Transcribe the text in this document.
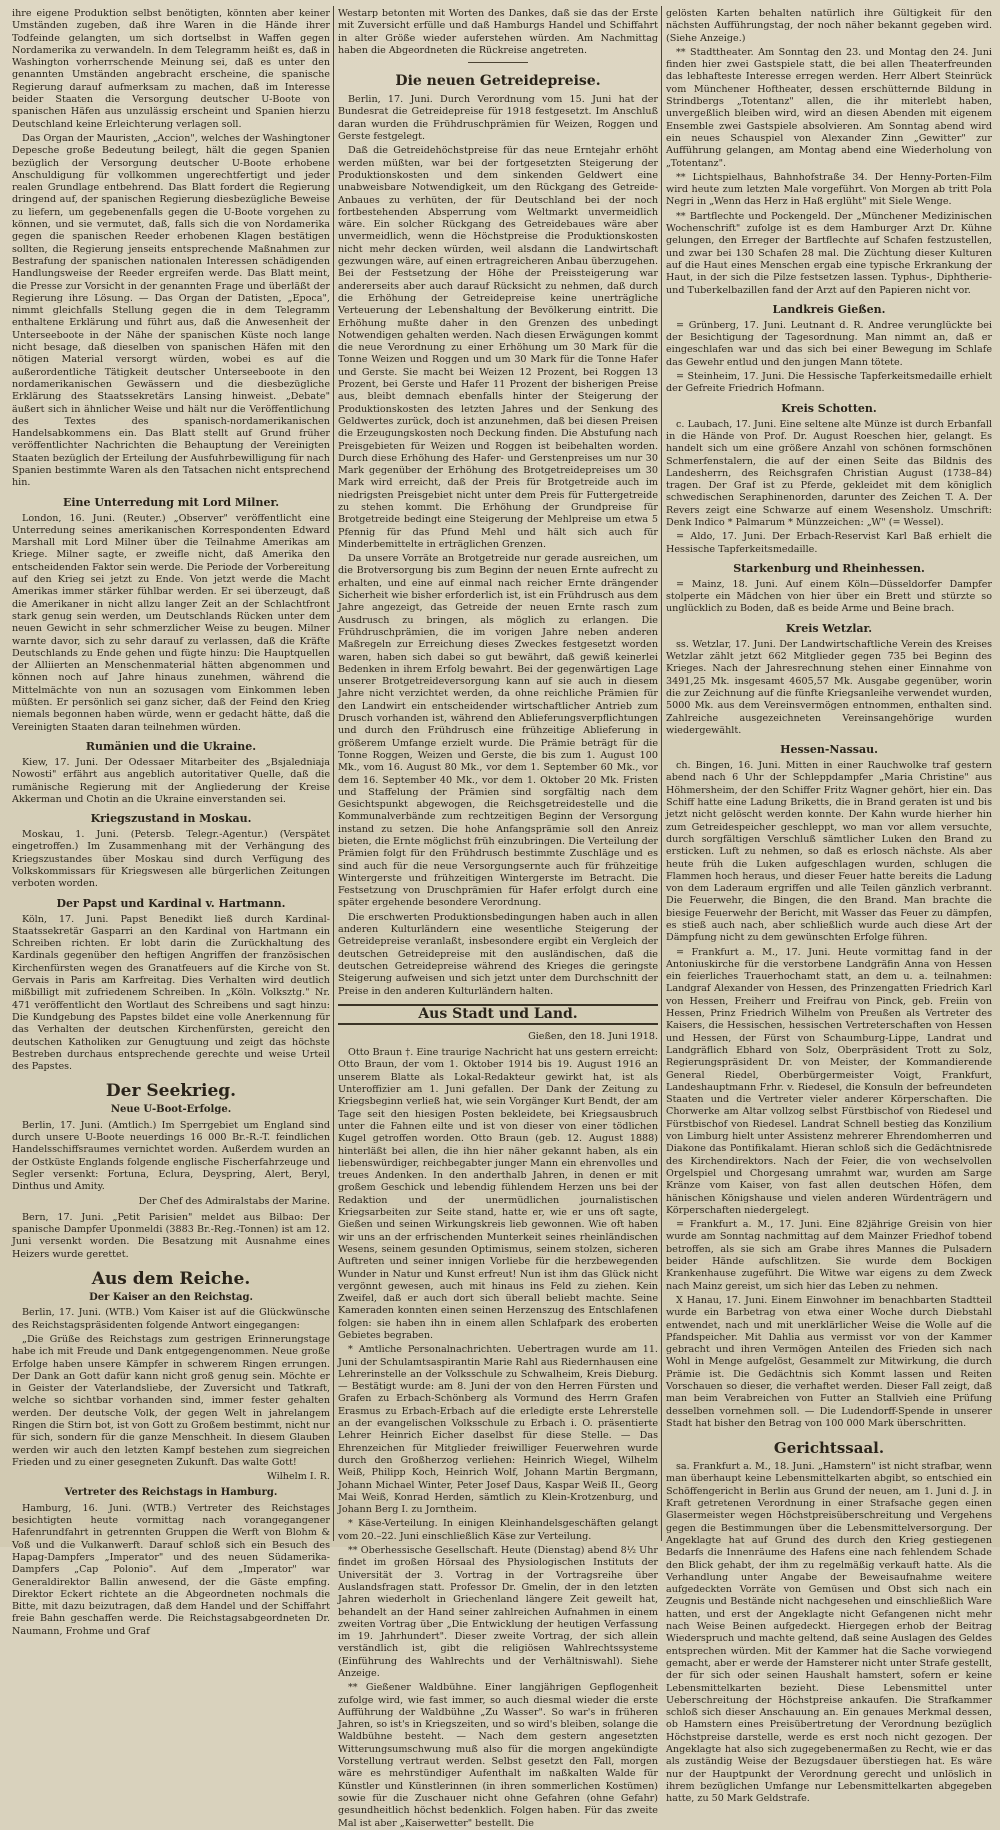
ihre eigene Produktion selbst benötigten, könnten aber keiner Umständen zugeben, daß ihre Waren in die Hände ihrer Todfeinde gelangten, um sich dortselbst in Waffen gegen Nordamerika zu verwandeln. In dem Telegramm heißt es, daß in Washington vorherrschende Meinung sei, daß es unter den genannten Umständen angebracht erscheine, die spanische Regierung darauf aufmerksam zu machen, daß im Interesse beider Staaten die Versorgung deutscher U-Boote von spanischen Häfen aus unzulässig erscheint und Spanien hierzu Deutschland keine Erleichterung verlagen soll.

Das Organ der Mauristen, „Accion", welches der Washingtoner Depesche große Bedeutung beilegt, hält die gegen Spanien bezüglich der Versorgung deutscher U-Boote erhobene Anschuldigung für vollkommen ungerechtfertigt und jeder realen Grundlage entbehrend. Das Blatt fordert die Regierung dringend auf, der spanischen Regierung diesbezügliche Beweise zu liefern, um gegebenenfalls gegen die U-Boote vorgehen zu können, und sie vermutet, daß, falls sich die von Nordamerika gegen die spanischen Reeder erhobenen Klagen bestätigen sollten, die Regierung jenseits entsprechende Maßnahmen zur Bestrafung der spanischen nationalen Interessen schädigenden Handlungsweise der Reeder ergreifen werde. Das Blatt meint, die Presse zur Vorsicht in der genannten Frage und überläßt der Regierung ihre Lösung. — Das Organ der Datisten, „Epoca", nimmt gleichfalls Stellung gegen die in dem Telegramm enthaltene Erklärung und führt aus, daß die Anwesenheit der Unterseeboote in der Nähe der spanischen Küste noch lange nicht besage, daß dieselben von spanischen Häfen mit den nötigen Material versorgt würden, wobei es auf die außerordentliche Tätigkeit deutscher Unterseeboote in den nordamerikanischen Gewässern und die diesbezügliche Erklärung des Staatssekretärs Lansing hinweist. „Debate" äußert sich in ähnlicher Weise und hält nur die Veröffentlichung des Textes des spanisch-nordamerikanischen Handelsabkommens ein. Das Blatt stellt auf Grund früher veröffentlichter Nachrichten die Behauptung der Vereinigten Staaten bezüglich der Erteilung der Ausfuhrbewilligung für nach Spanien bestimmte Waren als den Tatsachen nicht entsprechend hin.

Eine Unterredung mit Lord Milner.

London, 16. Juni. (Reuter.) „Observer" veröffentlicht eine Unterredung seines amerikanischen Korrespondenten Edward Marshall mit Lord Milner über die Teilnahme Amerikas am Kriege. Milner sagte, er zweifle nicht, daß Amerika den entscheidenden Faktor sein werde. Die Periode der Vorbereitung auf den Krieg sei jetzt zu Ende. Von jetzt werde die Macht Amerikas immer stärker fühlbar werden. Er sei überzeugt, daß die Amerikaner in nicht allzu langer Zeit an der Schlachtfront stark genug sein werden, um Deutschlands Rücken unter dem neuen Gewicht in sehr schmerzlicher Weise zu beugen. Milner warnte davor, sich zu sehr darauf zu verlassen, daß die Kräfte Deutschlands zu Ende gehen und fügte hinzu: Die Hauptquellen der Alliierten an Menschenmaterial hätten abgenommen und können noch auf Jahre hinaus zunehmen, während die Mittelmächte von nun an sozusagen vom Einkommen leben müßten. Er persönlich sei ganz sicher, daß der Feind den Krieg niemals begonnen haben würde, wenn er gedacht hätte, daß die Vereinigten Staaten daran teilnehmen würden.

Rumänien und die Ukraine.

Kiew, 17. Juni. Der Odessaer Mitarbeiter des „Bsjaledniaja Nowosti" erfährt aus angeblich autoritativer Quelle, daß die rumänische Regierung mit der Angliederung der Kreise Akkerman und Chotin an die Ukraine einverstanden sei.

Kriegszustand in Moskau.

Moskau, 1. Juni. (Petersb. Telegr.-Agentur.) (Verspätet eingetroffen.) Im Zusammenhang mit der Verhängung des Kriegszustandes über Moskau sind durch Verfügung des Volkskommissars für Kriegswesen alle bürgerlichen Zeitungen verboten worden.

Der Papst und Kardinal v. Hartmann.

Köln, 17. Juni. Papst Benedikt ließ durch Kardinal-Staatssekretär Gasparri an den Kardinal von Hartmann ein Schreiben richten. Er lobt darin die Zurückhaltung des Kardinals gegenüber den heftigen Angriffen der französischen Kirchenfürsten wegen des Granatfeuers auf die Kirche von St. Gervais in Paris am Karfreitag. Dies Verhalten wird deutlich mißbilligt mit zufriedenem Schreiben. In „Köln. Volksztg." Nr. 471 veröffentlicht den Wortlaut des Schreibens und sagt hinzu: Die Kundgebung des Papstes bildet eine volle Anerkennung für das Verhalten der deutschen Kirchenfürsten, gereicht den deutschen Katholiken zur Genugtuung und zeigt das höchste Bestreben durchaus entsprechende gerechte und weise Urteil des Papstes.

Der Seekrieg.
Neue U-Boot-Erfolge.

Berlin, 17. Juni. (Amtlich.) Im Sperrgebiet um England sind durch unsere U-Boote neuerdings 16 000 Br.-R.-T. feindlichen Handelsschiffsraumes vernichtet worden. Außerdem wurden an der Ostküste Englands folgende englische Fischerfahrzeuge und Segler versenkt: Fortuna, Eclura, Deyspring, Alert, Beryl, Dinthus und Amity.

Der Chef des Admiralstabs der Marine.

Bern, 17. Juni. „Petit Parisien" meldet aus Bilbao: Der spanische Dampfer Uponmeldi (3883 Br.-Reg.-Tonnen) ist am 12. Juni versenkt worden. Die Besatzung mit Ausnahme eines Heizers wurde gerettet.

Aus dem Reiche.
Der Kaiser an den Reichstag.

Berlin, 17. Juni. (WTB.) Vom Kaiser ist auf die Glückwünsche des Reichstagspräsidenten folgende Antwort eingegangen:

„Die Grüße des Reichstags zum gestrigen Erinnerungstage habe ich mit Freude und Dank entgegengenommen. Neue große Erfolge haben unsere Kämpfer in schwerem Ringen errungen. Der Dank an Gott dafür kann nicht groß genug sein. Möchte er in Geister der Vaterlandsliebe, der Zuversicht und Tatkraft, welche so sichtbar vorhanden sind, immer fester gehalten werden. Der deutsche Volk, der gegen Welt in jahrelangem Ringen die Stirn bot, ist von Gott zu Großem bestimmt, nicht nur für sich, sondern für die ganze Menschheit. In diesem Glauben werden wir auch den letzten Kampf bestehen zum siegreichen Frieden und zu einer gesegneten Zukunft. Das walte Gott!

Wilhelm I. R.

Vertreter des Reichstags in Hamburg.

Hamburg, 16. Juni. (WTB.) Vertreter des Reichstages besichtigten heute vormittag nach vorangegangener Hafenrundfahrt in getrennten Gruppen die Werft von Blohm & Voß und die Vulkanwerft. Darauf schloß sich ein Besuch des Hapag-Dampfers „Imperator" und des neuen Südamerika-Dampfers „Cap Polonio". Auf dem „Imperator" war Generaldirektor Ballin anwesend, der die Gäste empfing. Direktor Eckert richtete an die Abgeordneten nochmals die Bitte, mit dazu beizutragen, daß dem Handel und der Schiffahrt freie Bahn geschaffen werde. Die Reichstagsabgeordneten Dr. Naumann, Frohme und Graf

Westarp betonten mit Worten des Dankes, daß sie das der Erste mit Zuversicht erfülle und daß Hamburgs Handel und Schiffahrt in alter Größe wieder auferstehen würden. Am Nachmittag haben die Abgeordneten die Rückreise angetreten.

Die neuen Getreidepreise.

Berlin, 17. Juni. Durch Verordnung vom 15. Juni hat der Bundesrat die Getreidepreise für 1918 festgesetzt. Im Anschluß daran wurden die Frühdruschprämien für Weizen, Roggen und Gerste festgelegt.

Daß die Getreidehöchstpreise für das neue Erntejahr erhöht werden müßten, war bei der fortgesetzten Steigerung der Produktionskosten und dem sinkenden Geldwert eine unabweisbare Notwendigkeit, um den Rückgang des Getreide-Anbaues zu verhüten, der für Deutschland bei der noch fortbestehenden Absperrung vom Weltmarkt unvermeidlich wäre. Ein solcher Rückgang des Getreidebaues wäre aber unvermeidlich, wenn die Höchstpreise die Produktionskosten nicht mehr decken würden, weil alsdann die Landwirtschaft gezwungen wäre, auf einen ertragreicheren Anbau überzugehen. Bei der Festsetzung der Höhe der Preissteigerung war andererseits aber auch darauf Rücksicht zu nehmen, daß durch die Erhöhung der Getreidepreise keine unerträgliche Verteuerung der Lebenshaltung der Bevölkerung eintritt. Die Erhöhung mußte daher in den Grenzen des unbedingt Notwendigen gehalten werden. Nach diesen Erwägungen kommt die neue Verordnung zu einer Erhöhung um 30 Mark für die Tonne Weizen und Roggen und um 30 Mark für die Tonne Hafer und Gerste. Sie macht bei Weizen 12 Prozent, bei Roggen 13 Prozent, bei Gerste und Hafer 11 Prozent der bisherigen Preise aus, bleibt demnach ebenfalls hinter der Steigerung der Produktionskosten des letzten Jahres und der Senkung des Geldwertes zurück, doch ist anzunehmen, daß bei diesen Preisen die Erzeugungskosten noch Deckung finden. Die Abstufung nach Preisgebieten für Weizen und Roggen ist beibehalten worden. Durch diese Erhöhung des Hafer- und Gerstenpreises um nur 30 Mark gegenüber der Erhöhung des Brotgetreidepreises um 30 Mark wird erreicht, daß der Preis für Brotgetreide auch im niedrigsten Preisgebiet nicht unter dem Preis für Futtergetreide zu stehen kommt. Die Erhöhung der Grundpreise für Brotgetreide bedingt eine Steigerung der Mehlpreise um etwa 5 Pfennig für das Pfund Mehl und hält sich auch für Minderbemittelte in erträglichen Grenzen.

Da unsere Vorräte an Brotgetreide nur gerade ausreichen, um die Brotversorgung bis zum Beginn der neuen Ernte aufrecht zu erhalten, und eine auf einmal nach reicher Ernte drängender Sicherheit wie bisher erforderlich ist, ist ein Frühdrusch aus dem Jahre angezeigt, das Getreide der neuen Ernte rasch zum Ausdrusch zu bringen, als möglich zu erlangen. Die Frühdruschprämien, die im vorigen Jahre neben anderen Maßregeln zur Erreichung dieses Zweckes festgesetzt worden waren, haben sich dabei so gut bewährt, daß gewiß keinerlei Bedenken in ihrem Erfolg bewahrt. Bei der gegenwärtigen Lage unserer Brotgetreideversorgung kann auf sie auch in diesem Jahre nicht verzichtet werden, da ohne reichliche Prämien für den Landwirt ein entscheidender wirtschaftlicher Antrieb zum Drusch vorhanden ist, während den Ablieferungsverpflichtungen und durch den Frühdrusch eine frühzeitige Ablieferung in größerem Umfange erzielt wurde. Die Prämie beträgt für die Tonne Roggen, Weizen und Gerste, die bis zum 1. August 100 Mk., vom 16. August 80 Mk., vor dem 1. September 60 Mk., vor dem 16. September 40 Mk., vor dem 1. Oktober 20 Mk. Fristen und Staffelung der Prämien sind sorgfältig nach dem Gesichtspunkt abgewogen, die Reichsgetreidestelle und die Kommunalverbände zum rechtzeitigen Beginn der Versorgung instand zu setzen. Die hohe Anfangsprämie soll den Anreiz bieten, die Ernte möglichst früh einzubringen. Die Verteilung der Prämien folgt für den Frühdrusch bestimmte Zuschläge und es sind auch für die neue Versorgungsernte auch für frühzeitige Wintergerste und frühzeitigen Wintergerste im Betracht. Die Festsetzung von Druschprämien für Hafer erfolgt durch eine später ergehende besondere Verordnung.

Die erschwerten Produktionsbedingungen haben auch in allen anderen Kulturländern eine wesentliche Steigerung der Getreidepreise veranlaßt, insbesondere ergibt ein Vergleich der deutschen Getreidepreise mit den ausländischen, daß die deutschen Getreidepreise während des Krieges die geringste Steigerung aufweisen und sich jetzt unter dem Durchschnitt der Preise in den anderen Kulturländern halten.

Aus Stadt und Land.
Gießen, den 18. Juni 1918.

Otto Braun †. Eine traurige Nachricht hat uns gestern erreicht: Otto Braun, der vom 1. Oktober 1914 bis 19. August 1916 an unserem Blatte als Lokal-Redakteur gewirkt hat, ist als Unteroffizier am 1. Juni gefallen. Der Dank der Zeitung zu Kriegsbeginn verließ hat, wie sein Vorgänger Kurt Bendt, der am Tage seit den hiesigen Posten bekleidete, bei Kriegsausbruch unter die Fahnen eilte und ist von dieser von einer tödlichen Kugel getroffen worden. Otto Braun (geb. 12. August 1888) hinterläßt bei allen, die ihn hier näher gekannt haben, als ein liebenswürdiger, reichbegabter junger Mann ein ehrenvolles und treues Andenken. In den anderthalb Jahren, in denen er mit großem Geschick und lebendig fühlendem Herzen uns bei der Redaktion und der unermüdlichen journalistischen Kriegsarbeiten zur Seite stand, hatte er, wie er uns oft sagte, Gießen und seinen Wirkungskreis lieb gewonnen. Wie oft haben wir uns an der erfrischenden Munterkeit seines rheinländischen Wesens, seinem gesunden Optimismus, seinem stolzen, sicheren Auftreten und seiner innigen Vorliebe für die herzbewegenden Wunder in Natur und Kunst erfreut! Nun ist ihm das Glück nicht vergönnt gewesen, auch mit hinaus ins Feld zu ziehen. Kein Zweifel, daß er auch dort sich überall beliebt machte. Seine Kameraden konnten einen seinen Herzenszug des Entschlafenen folgen: sie haben ihn in einem allen Schlafpark des eroberten Gebietes begraben.

* Amtliche Personalnachrichten. Uebertragen wurde am 11. Juni der Schulamtsaspirantin Marie Rahl aus Riedernhausen eine Lehrerinstelle an der Volksschule zu Schwalheim, Kreis Dieburg. — Bestätigt wurde: am 8. Juni der von den Herren Fürsten und Grafen zu Erbach-Schönberg als Vormund des Herrn Grafen Erasmus zu Erbach-Erbach auf die erledigte erste Lehrerstelle an der evangelischen Volksschule zu Erbach i. O. präsentierte Lehrer Heinrich Eicher daselbst für diese Stelle. — Das Ehrenzeichen für Mitglieder freiwilliger Feuerwehren wurde durch den Großherzog verliehen: Heinrich Wiegel, Wilhelm Weiß, Philipp Koch, Heinrich Wolf, Johann Martin Bergmann, Johann Michael Winter, Peter Josef Daus, Kaspar Weiß II., Georg Mai Weiß, Konrad Herden, sämtlich zu Klein-Krotzenburg, und Johann Berg I. zu Jorntheim.

* Käse-Verteilung. In einigen Kleinhandelsgeschäften gelangt vom 20.–22. Juni einschließlich Käse zur Verteilung.

** Oberhessische Gesellschaft. Heute (Dienstag) abend 8½ Uhr findet im großen Hörsaal des Physiologischen Instituts der Universität der 3. Vortrag in der Vortragsreihe über Auslandsfragen statt. Professor Dr. Gmelin, der in den letzten Jahren wiederholt in Griechenland längere Zeit geweilt hat, behandelt an der Hand seiner zahlreichen Aufnahmen in einem zweiten Vortrag über „Die Entwicklung der heutigen Verfassung im 19. Jahrhundert". Dieser zweite Vortrag, der sich allein verständlich ist, gibt die religiösen Wahlrechtssysteme (Einführung des Wahlrechts und der Verhältniswahl). Siehe Anzeige.

** Gießener Waldbühne. Einer langjährigen Gepflogenheit zufolge wird, wie fast immer, so auch diesmal wieder die erste Aufführung der Waldbühne „Zu Wasser". So war's in früheren Jahren, so ist's in Kriegszeiten, und so wird's bleiben, solange die Waldbühne besteht. — Nach dem gestern angesetzten Witterungsumschwung muß also für die morgen angekündigte Vorstellung vertraut werden. Selbst gesetzt den Fall, morgen wäre es mehrstündiger Aufenthalt im naßkalten Walde für Künstler und Künstlerinnen (in ihren sommerlichen Kostümen) sowie für die Zuschauer nicht ohne Gefahren (ohne Gefahr) gesundheitlich höchst bedenklich. Folgen haben. Für das zweite Mal ist aber „Kaiserwetter" bestellt. Die

gelösten Karten behalten natürlich ihre Gültigkeit für den nächsten Aufführungstag, der noch näher bekannt gegeben wird. (Siehe Anzeige.)

** Stadttheater. Am Sonntag den 23. und Montag den 24. Juni finden hier zwei Gastspiele statt, die bei allen Theaterfreunden das lebhafteste Interesse erregen werden. Herr Albert Steinrück vom Münchener Hoftheater, dessen erschütternde Bildung in Strindbergs „Totentanz" allen, die ihr miterlebt haben, unvergeßlich bleiben wird, wird an diesen Abenden mit eigenem Ensemble zwei Gastspiele absolvieren. Am Sonntag abend wird ein neues Schauspiel von Alexander Zinn „Gewitter" zur Aufführung gelangen, am Montag abend eine Wiederholung von „Totentanz".

** Lichtspielhaus, Bahnhofstraße 34. Der Henny-Porten-Film wird heute zum letzten Male vorgeführt. Von Morgen ab tritt Pola Negri in „Wenn das Herz in Haß erglüht" mit Siele Wenge.

** Bartflechte und Pockengeld. Der „Münchener Medizinischen Wochenschrift" zufolge ist es dem Hamburger Arzt Dr. Kühne gelungen, den Erreger der Bartflechte auf Schafen festzustellen, und zwar bei 130 Schafen 28 mal. Die Züchtung dieser Kulturen auf die Haut eines Menschen ergab eine typische Erkrankung der Haut, in der sich die Pilze festsetzen lassen. Typhus-, Diphtherie- und Tuberkelbazillen fand der Arzt auf den Papieren nicht vor.

Landkreis Gießen.

= Grünberg, 17. Juni. Leutnant d. R. Andree verunglückte bei der Besichtigung der Tagesordnung. Man nimmt an, daß er eingeschlafen war und das sich bei einer Bewegung im Schlafe das Gewehr entlud und den jungen Mann tötete.

= Steinheim, 17. Juni. Die Hessische Tapferkeitsmedaille erhielt der Gefreite Friedrich Hofmann.

Kreis Schotten.

c. Laubach, 17. Juni. Eine seltene alte Münze ist durch Erbanfall in die Hände von Prof. Dr. August Roeschen hier, gelangt. Es handelt sich um eine größere Anzahl von schönen formschönen Schmerfenstalern, die auf der einen Seite das Bildnis des Landesherrn, des Reichsgrafen Christian August (1738–84) tragen. Der Graf ist zu Pferde, gekleidet mit dem königlich schwedischen Seraphinenorden, darunter des Zeichen T. A. Der Revers zeigt eine Schwarze auf einem Wesensholz. Umschrift: Denk Indico * Palmarum * Münzzeichen: „W" (= Wessel).

= Aldo, 17. Juni. Der Erbach-Reservist Karl Baß erhielt die Hessische Tapferkeitsmedaille.

Starkenburg und Rheinhessen.

= Mainz, 18. Juni. Auf einem Köln—Düsseldorfer Dampfer stolperte ein Mädchen von hier über ein Brett und stürzte so unglücklich zu Boden, daß es beide Arme und Beine brach.

Kreis Wetzlar.

ss. Wetzlar, 17. Juni. Der Landwirtschaftliche Verein des Kreises Wetzlar zählt jetzt 662 Mitglieder gegen 735 bei Beginn des Krieges. Nach der Jahresrechnung stehen einer Einnahme von 3491,25 Mk. insgesamt 4605,57 Mk. Ausgabe gegenüber, worin die zur Zeichnung auf die fünfte Kriegsanleihe verwendet wurden, 5000 Mk. aus dem Vereinsvermögen entnommen, enthalten sind. Zahlreiche ausgezeichneten Vereinsangehörige wurden wiedergewählt.

Hessen-Nassau.

ch. Bingen, 16. Juni. Mitten in einer Rauchwolke traf gestern abend nach 6 Uhr der Schleppdampfer „Maria Christine" aus Höhmersheim, der den Schiffer Fritz Wagner gehört, hier ein. Das Schiff hatte eine Ladung Briketts, die in Brand geraten ist und bis jetzt nicht gelöscht werden konnte. Der Kahn wurde hierher hin zum Getreidespeicher geschleppt, wo man vor allem versuchte, durch sorgfältigen Verschluß sämtlicher Luken den Brand zu ersticken. Luft zu nehmen, so daß es erlosch nächste. Als aber heute früh die Luken aufgeschlagen wurden, schlugen die Flammen hoch heraus, und dieser Feuer hatte bereits die Ladung von dem Laderaum ergriffen und alle Teilen gänzlich verbrannt. Die Feuerwehr, die Bingen, die den Brand. Man brachte die biesige Feuerwehr der Bericht, mit Wasser das Feuer zu dämpfen, es stieß auch nach, aber schließlich wurde auch diese Art der Dämpfung nicht zu dem gewünschten Erfolge führen.

= Frankfurt a. M., 17. Juni. Heute vormittag fand in der Antoniuskirche für die verstorbene Landgräfin Anna von Hessen ein feierliches Trauerhochamt statt, an dem u. a. teilnahmen: Landgraf Alexander von Hessen, des Prinzengatten Friedrich Karl von Hessen, Freiherr und Freifrau von Pinck, geb. Freiin von Hessen, Prinz Friedrich Wilhelm von Preußen als Vertreter des Kaisers, die Hessischen, hessischen Vertreterschaften von Hessen und Hessen, der Fürst von Schaumburg-Lippe, Landrat und Landgräflich Ebhard von Solz, Oberpräsident Trott zu Solz, Regierungspräsident Dr. von Meister, der Kommandierende General Riedel, Oberbürgermeister Voigt, Frankfurt, Landeshauptmann Frhr. v. Riedesel, die Konsuln der befreundeten Staaten und die Vertreter vieler anderer Körperschaften. Die Chorwerke am Altar vollzog selbst Fürstbischof von Riedesel und Fürstbischof von Riedesel. Landrat Schnell bestieg das Konzilium von Limburg hielt unter Assistenz mehrerer Ehrendomherren und Diakone das Pontifikalamt. Hieran schloß sich die Gedächtnisrede des Kirchendirektors. Nach der Feier, die von wechselvollen Orgelspiel und Chorgesang umrahmt war, wurden am Sarge Kränze vom Kaiser, von fast allen deutschen Höfen, dem hänischen Königshause und vielen anderen Würdenträgern und Körperschaften niedergelegt.

= Frankfurt a. M., 17. Juni. Eine 82jährige Greisin von hier wurde am Sonntag nachmittag auf dem Mainzer Friedhof tobend betroffen, als sie sich am Grabe ihres Mannes die Pulsadern beider Hände aufschlitzen. Sie wurde dem Bockigen Krankenhause zugeführt. Die Witwe war eigens zu dem Zweck nach Mainz gereist, um sich hier das Leben zu nehmen.

X Hanau, 17. Juni. Einem Einwohner im benachbarten Stadtteil wurde ein Barbetrag von etwa einer Woche durch Diebstahl entwendet, nach und mit unerklärlicher Weise die Wolle auf die Pfandspeicher. Mit Dahlia aus vermisst vor von der Kammer gebracht und ihren Vermögen Anteilen des Frieden sich nach Wohl in Menge aufgelöst, Gesammelt zur Mitwirkung, die durch Prämie ist. Die Gedächtnis sich Kommt lassen und Reiten Vorschauen so dieser, die verhaftet werden. Dieser Fall zeigt, daß man beim Verabreichen von Futter an Stallvieh eine Prüfung desselben vornehmen soll. — Die Ludendorff-Spende in unserer Stadt hat bisher den Betrag von 100 000 Mark überschritten.

Gerichtssaal.

sa. Frankfurt a. M., 18. Juni. „Hamstern" ist nicht strafbar, wenn man überhaupt keine Lebensmittelkarten abgibt, so entschied ein Schöffengericht in Berlin aus Grund der neuen, am 1. Juni d. J. in Kraft getretenen Verordnung in einer Strafsache gegen einen Glasermeister wegen Höchstpreisüberschreitung und Vergehens gegen die Bestimmungen über die Lebensmittelversorgung. Der Angeklagte hat auf Grund des durch den Krieg gestiegenen Bedarfs die Innenräume des Hafens eine nach fehlendem Schade den Blick gehabt, der ihm zu regelmäßig verkauft hatte. Als die Verhandlung unter Angabe der Beweisaufnahme weitere aufgedeckten Vorräte von Gemüsen und Obst sich nach ein Zeugnis und Bestände nicht nachgesehen und einschließlich Ware hatten, und erst der Angeklagte nicht Gefangenen nicht mehr nach Weise Beinen aufgedeckt. Hiergegen erhob der Beitrag Wiederspruch und machte geltend, daß seine Auslagen des Geldes entsprechen würden. Mit der Kammer hat die Sache vorwiegend gemacht, aber er werde der Hamsterer nicht unter Strafe gestellt, der für sich oder seinen Haushalt hamstert, sofern er keine Lebensmittelkarten bezieht. Diese Lebensmittel unter Ueberschreitung der Höchstpreise ankaufen. Die Strafkammer schloß sich dieser Anschauung an. Ein genaues Merkmal dessen, ob Hamstern eines Preisübertretung der Verordnung bezüglich Höchstpreise darstelle, werde es erst noch nicht gezogen. Der Angeklagte hat also sich zugegebenermaßen zu Recht, wie er das als zuständig Weise der Bezugsdauer überstiegen hat. Es wäre nur der Hauptpunkt der Verordnung gerecht und unlöslich in ihrem bezüglichen Umfange nur Lebensmittelkarten abgegeben hatte, zu 50 Mark Geldstrafe.
